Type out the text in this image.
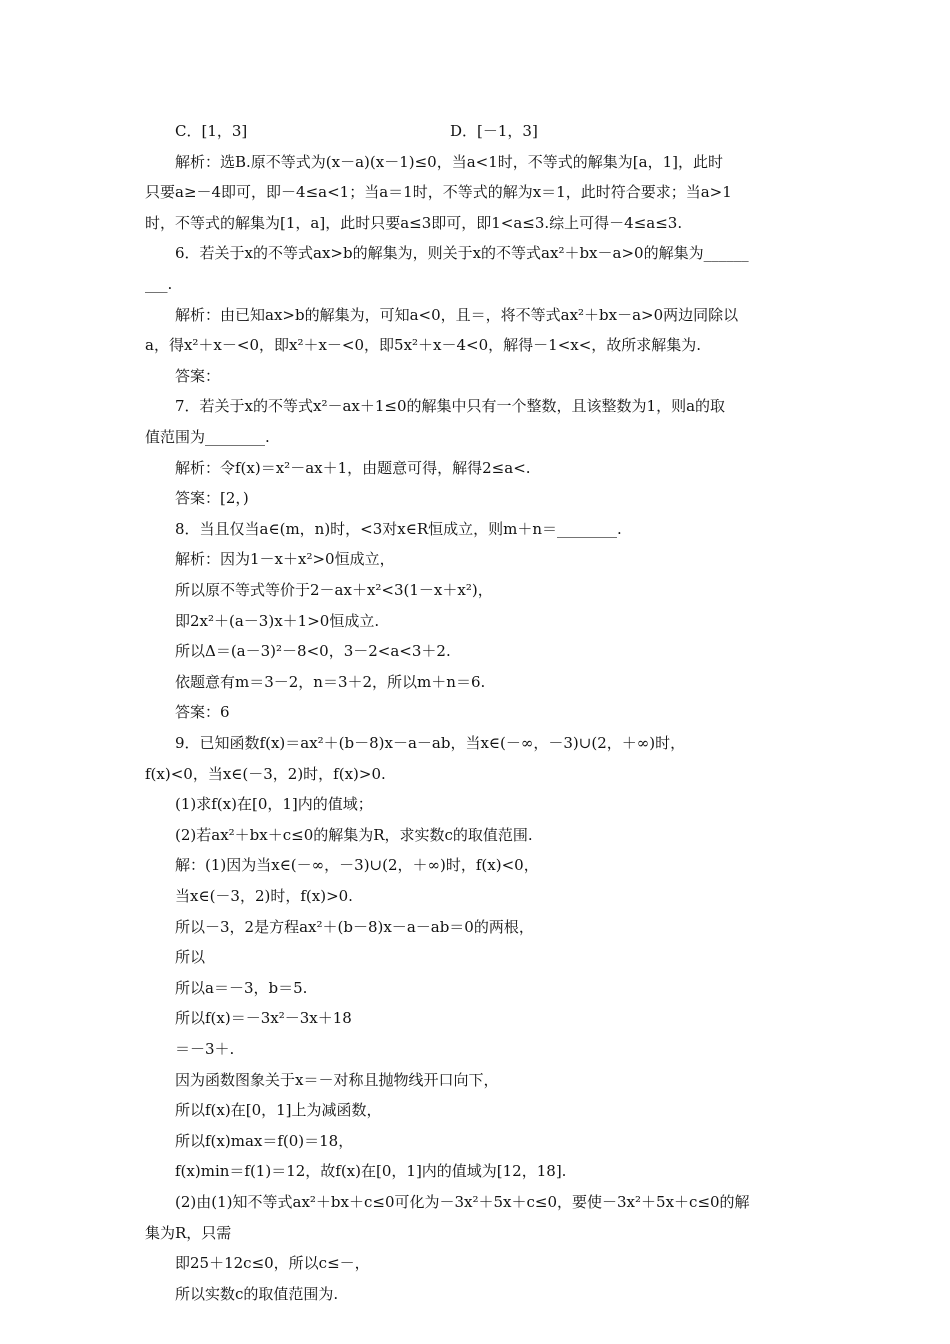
C．[1，3]	D．[－1，3]
解析：选B.原不等式为(x－a)(x－1)≤0，当a<1时，不等式的解集为[a，1]，此时
只要a≥－4即可，即－4≤a<1；当a＝1时，不等式的解为x＝1，此时符合要求；当a>1
时，不等式的解集为[1，a]，此时只要a≤3即可，即1<a≤3.综上可得－4≤a≤3.
6．若关于x的不等式ax>b的解集为，则关于x的不等式ax²＋bx－a>0的解集为______
___.
解析：由已知ax>b的解集为，可知a<0，且＝，将不等式ax²＋bx－a>0两边同除以
a，得x²＋x－<0，即x²＋x－<0，即5x²＋x－4<0，解得－1<x<，故所求解集为.
答案：
7．若关于x的不等式x²－ax＋1≤0的解集中只有一个整数，且该整数为1，则a的取
值范围为________.
解析：令f(x)＝x²－ax＋1，由题意可得，解得2≤a<.
答案：[2，)
8．当且仅当a∈(m，n)时，<3对x∈R恒成立，则m＋n＝________.
解析：因为1－x＋x²>0恒成立，
所以原不等式等价于2－ax＋x²<3(1－x＋x²)，
即2x²＋(a－3)x＋1>0恒成立.
所以Δ＝(a－3)²－8<0，3－2<a<3＋2.
依题意有m＝3－2，n＝3＋2，所以m＋n＝6.
答案：6
9．已知函数f(x)＝ax²＋(b－8)x－a－ab，当x∈(－∞，－3)∪(2，＋∞)时，
f(x)<0，当x∈(－3，2)时，f(x)>0.
(1)求f(x)在[0，1]内的值域；
(2)若ax²＋bx＋c≤0的解集为R，求实数c的取值范围.
解：(1)因为当x∈(－∞，－3)∪(2，＋∞)时，f(x)<0，
当x∈(－3，2)时，f(x)>0.
所以－3，2是方程ax²＋(b－8)x－a－ab＝0的两根，
所以
所以a＝－3，b＝5.
所以f(x)＝－3x²－3x＋18
＝－3＋.
因为函数图象关于x＝－对称且抛物线开口向下，
所以f(x)在[0，1]上为减函数，
所以f(x)max＝f(0)＝18，
f(x)min＝f(1)＝12，故f(x)在[0，1]内的值域为[12，18].
(2)由(1)知不等式ax²＋bx＋c≤0可化为－3x²＋5x＋c≤0，要使－3x²＋5x＋c≤0的解
集为R，只需
即25＋12c≤0，所以c≤－，
所以实数c的取值范围为.
